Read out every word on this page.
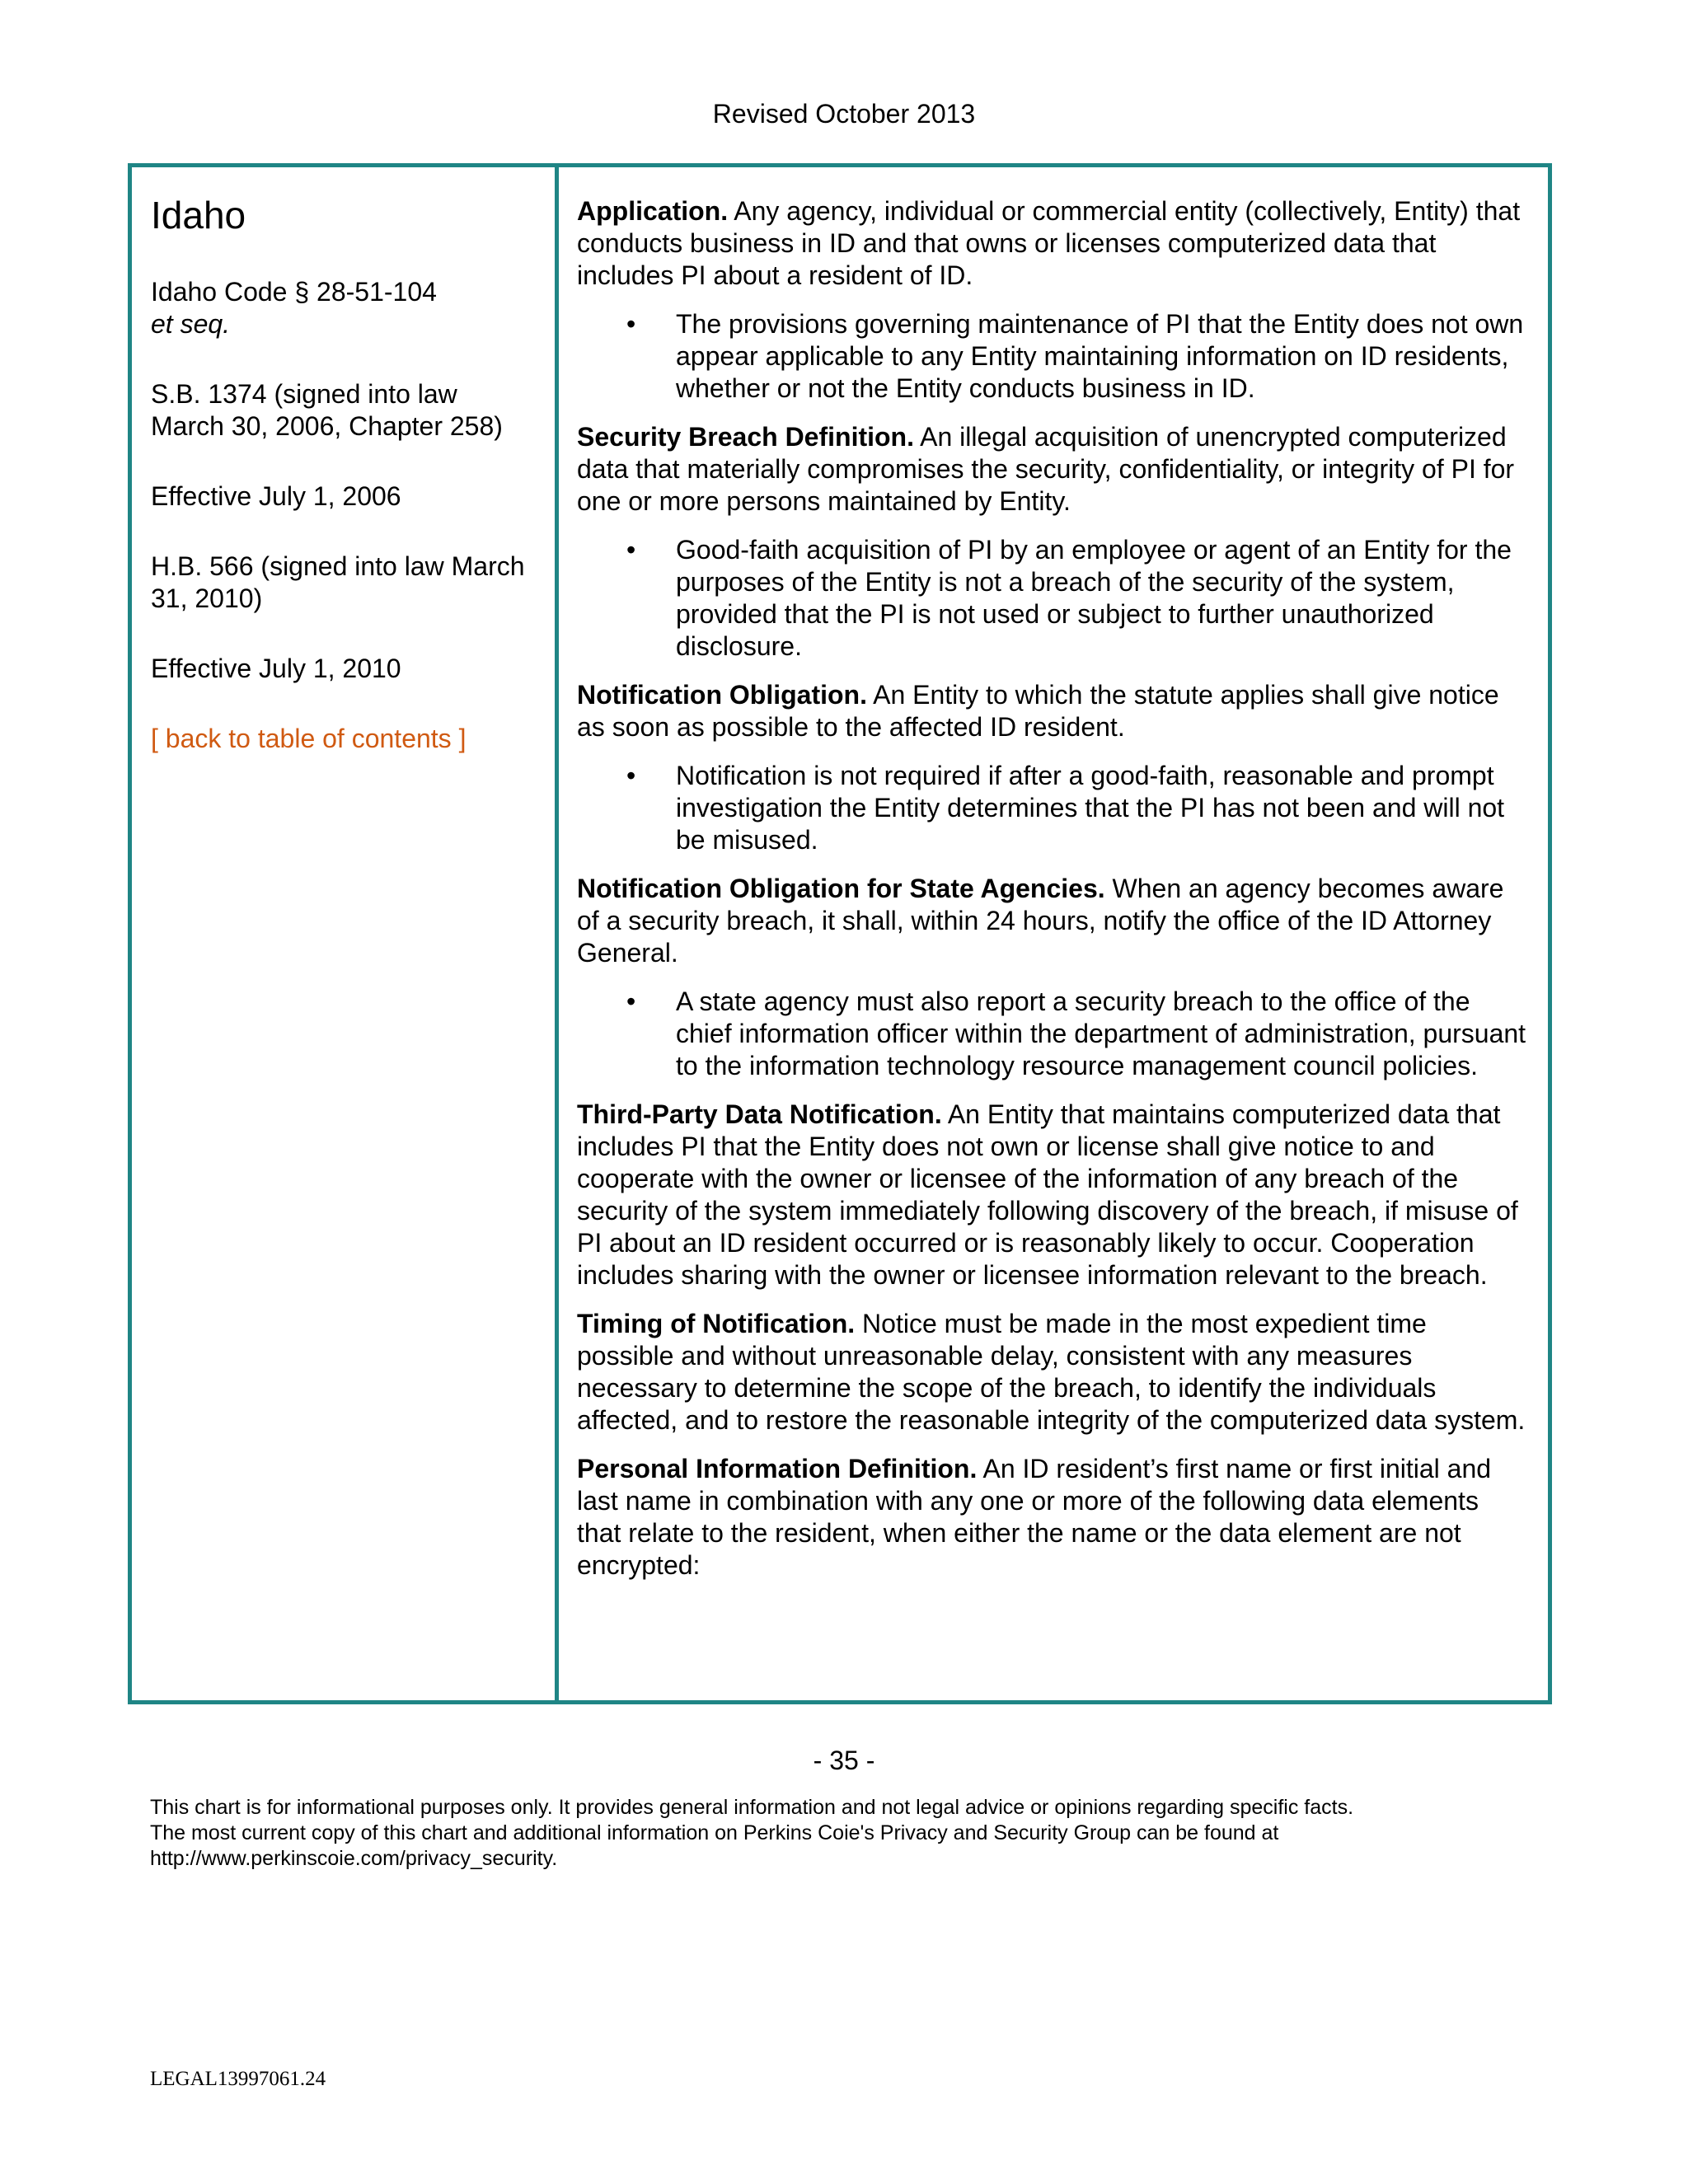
Revised October 2013
Idaho
Idaho Code § 28-51-104
et seq.
S.B. 1374 (signed into law March 30, 2006, Chapter 258)
Effective July 1, 2006
H.B. 566 (signed into law March 31, 2010)
Effective July 1, 2010
[ back to table of contents ]

Application. Any agency, individual or commercial entity (collectively, Entity) that conducts business in ID and that owns or licenses computerized data that includes PI about a resident of ID.

• The provisions governing maintenance of PI that the Entity does not own appear applicable to any Entity maintaining information on ID residents, whether or not the Entity conducts business in ID.

Security Breach Definition. An illegal acquisition of unencrypted computerized data that materially compromises the security, confidentiality, or integrity of PI for one or more persons maintained by Entity.

• Good-faith acquisition of PI by an employee or agent of an Entity for the purposes of the Entity is not a breach of the security of the system, provided that the PI is not used or subject to further unauthorized disclosure.

Notification Obligation. An Entity to which the statute applies shall give notice as soon as possible to the affected ID resident.

• Notification is not required if after a good-faith, reasonable and prompt investigation the Entity determines that the PI has not been and will not be misused.

Notification Obligation for State Agencies. When an agency becomes aware of a security breach, it shall, within 24 hours, notify the office of the ID Attorney General.

• A state agency must also report a security breach to the office of the chief information officer within the department of administration, pursuant to the information technology resource management council policies.

Third-Party Data Notification. An Entity that maintains computerized data that includes PI that the Entity does not own or license shall give notice to and cooperate with the owner or licensee of the information of any breach of the security of the system immediately following discovery of the breach, if misuse of PI about an ID resident occurred or is reasonably likely to occur. Cooperation includes sharing with the owner or licensee information relevant to the breach.

Timing of Notification. Notice must be made in the most expedient time possible and without unreasonable delay, consistent with any measures necessary to determine the scope of the breach, to identify the individuals affected, and to restore the reasonable integrity of the computerized data system.

Personal Information Definition. An ID resident’s first name or first initial and last name in combination with any one or more of the following data elements that relate to the resident, when either the name or the data element are not encrypted:

- 35 -
This chart is for informational purposes only. It provides general information and not legal advice or opinions regarding specific facts.
The most current copy of this chart and additional information on Perkins Coie's Privacy and Security Group can be found at
http://www.perkinscoie.com/privacy_security.
LEGAL13997061.24
